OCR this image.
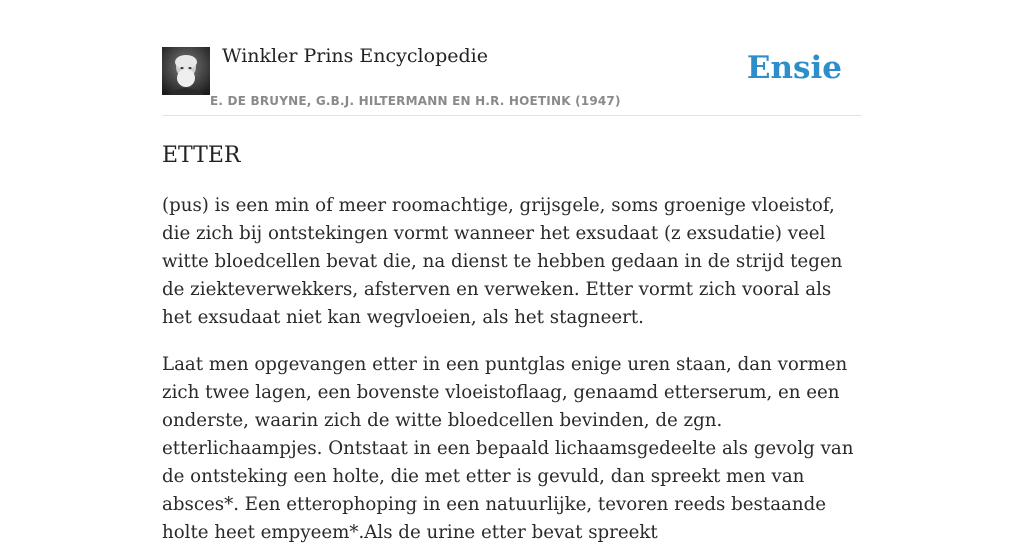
Winkler Prins Encyclopedie
E. DE BRUYNE, G.B.J. HILTERMANN EN H.R. HOETINK (1947)
Ensie
ETTER

(pus) is een min of meer roomachtige, grijsgele, soms groenige vloeistof, die zich bij ontstekingen vormt wanneer het exsudaat (z exsudatie) veel witte bloedcellen bevat die, na dienst te hebben gedaan in de strijd tegen de ziekteverwekkers, afsterven en verweken. Etter vormt zich vooral als het exsudaat niet kan wegvloeien, als het stagneert.

Laat men opgevangen etter in een puntglas enige uren staan, dan vormen zich twee lagen, een bovenste vloeistoflaag, genaamd etterserum, en een onderste, waarin zich de witte bloedcellen bevinden, de zgn. etterlichaampjes. Ontstaat in een bepaald lichaamsgedeelte als gevolg van de ontsteking een holte, die met etter is gevuld, dan spreekt men van absces*. Een etterophoping in een natuurlijke, tevoren reeds bestaande holte heet empyeem*.Als de urine etter bevat spreekt
